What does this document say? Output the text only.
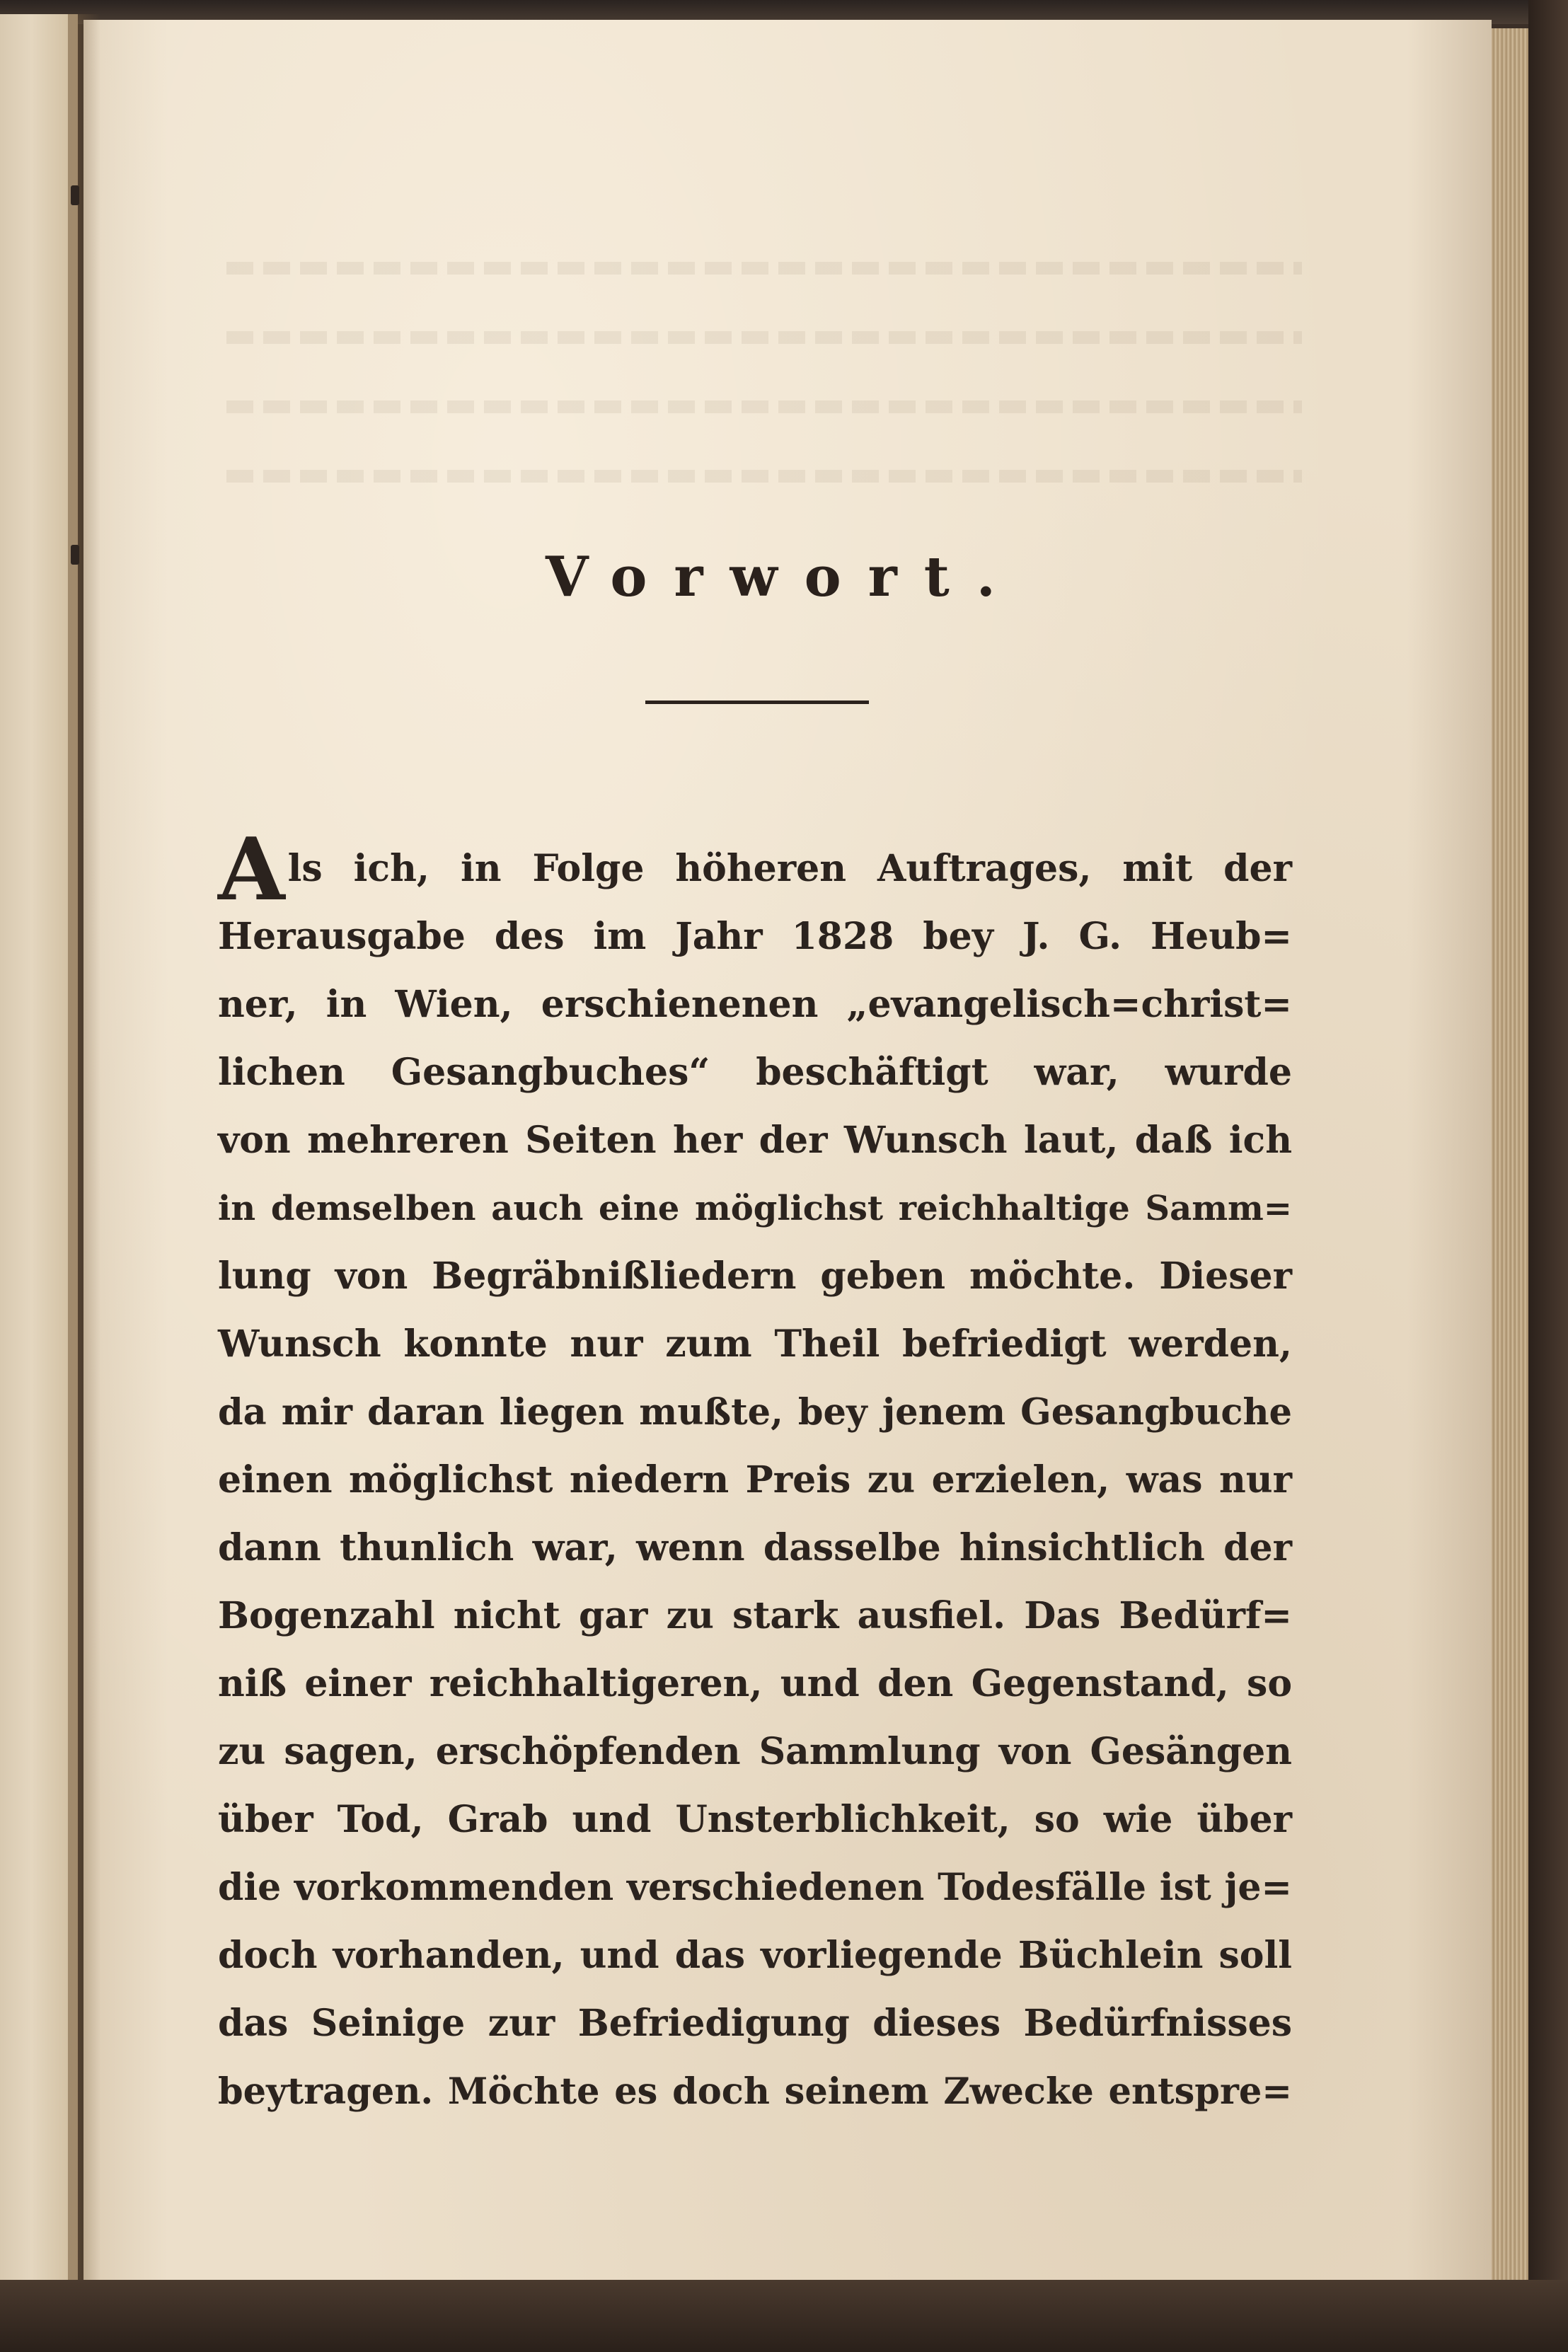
Vorwort.
Als ich, in Folge höheren Auftrages, mit der
Herausgabe des im Jahr 1828 bey J. G. Heub=
ner, in Wien, erschienenen „evangelisch=christ=
lichen Gesangbuches“ beschäftigt war, wurde
von mehreren Seiten her der Wunsch laut, daß ich
in demselben auch eine möglichst reichhaltige Samm=
lung von Begräbnißliedern geben möchte. Dieser
Wunsch konnte nur zum Theil befriedigt werden,
da mir daran liegen mußte, bey jenem Gesangbuche
einen möglichst niedern Preis zu erzielen, was nur
dann thunlich war, wenn dasselbe hinsichtlich der
Bogenzahl nicht gar zu stark ausfiel. Das Bedürf=
niß einer reichhaltigeren, und den Gegenstand, so
zu sagen, erschöpfenden Sammlung von Gesängen
über Tod, Grab und Unsterblichkeit, so wie über
die vorkommenden verschiedenen Todesfälle ist je=
doch vorhanden, und das vorliegende Büchlein soll
das Seinige zur Befriedigung dieses Bedürfnisses
beytragen. Möchte es doch seinem Zwecke entspre=
